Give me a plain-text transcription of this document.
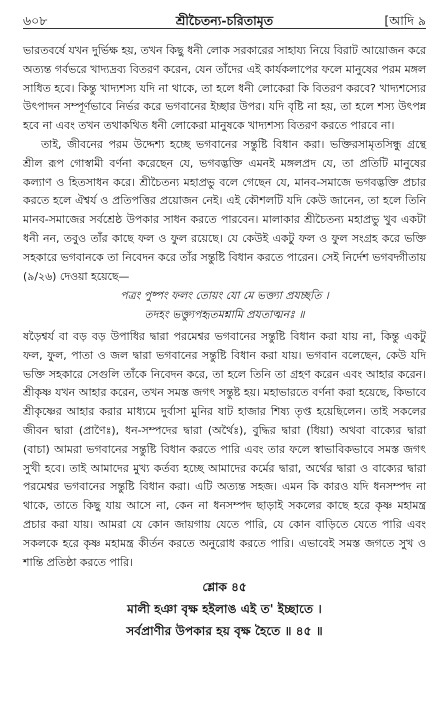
৬০৮	শ্রীচৈতন্য-চরিতামৃত	[আদি ৯

ভারতবর্ষে যখন দুর্ভিক্ষ হয়, তখন কিছু ধনী লোক সরকারের সাহায্য নিয়ে বিরাট আয়োজন করে অত্যন্ত গর্বভরে খাদ্যদ্রব্য বিতরণ করেন, যেন তাঁদের এই কার্যকলাপের ফলে মানুষের পরম মঙ্গল সাধিত হবে। কিন্তু খাদ্যশস্য যদি না থাকে, তা হলে ধনী লোকেরা কি বিতরণ করবে? খাদ্যশস্যের উৎপাদন সম্পূর্ণভাবে নির্ভর করে ভগবানের ইচ্ছার উপর। যদি বৃষ্টি না হয়, তা হলে শস্য উৎপন্ন হবে না এবং তখন তথাকথিত ধনী লোকেরা মানুষকে খাদ্যশস্য বিতরণ করতে পারবে না।

তাই, জীবনের পরম উদ্দেশ্য হচ্ছে ভগবানের সন্তুষ্টি বিধান করা। ভক্তিরসামৃতসিন্ধু গ্রন্থে শ্রীল রূপ গোস্বামী বর্ণনা করেছেন যে, ভগবদ্ভক্তি এমনই মঙ্গলপ্রদ যে, তা প্রতিটি মানুষের কল্যাণ ও হিতসাধন করে। শ্রীচৈতন্য মহাপ্রভু বলে গেছেন যে, মানব-সমাজে ভগবদ্ভক্তি প্রচার করতে হলে ঐশ্বর্য ও প্রতিপত্তির প্রয়োজন নেই। এই কৌশলটি যদি কেউ জানেন, তা হলে তিনি মানব-সমাজের সর্বশ্রেষ্ঠ উপকার সাধন করতে পারবেন। মালাকার শ্রীচৈতন্য মহাপ্রভু খুব একটা ধনী নন, তবুও তাঁর কাছে ফল ও ফুল রয়েছে। যে কেউই একটু ফল ও ফুল সংগ্রহ করে ভক্তি সহকারে ভগবানকে তা নিবেদন করে তাঁর সন্তুষ্টি বিধান করতে পারেন। সেই নির্দেশ ভগবদ্গীতায় (৯/২৬) দেওয়া হয়েছে—

পত্রং পুষ্পং ফলং তোয়ং যো মে ভক্ত্যা প্রযচ্ছতি ।
তদহং ভক্ত্যুপহৃতমশ্নামি প্রযতাত্মনঃ ॥

ষড়ৈশ্বর্য বা বড় বড় উপাধির দ্বারা পরমেশ্বর ভগবানের সন্তুষ্টি বিধান করা যায় না, কিন্তু একটু ফল, ফুল, পাতা ও জল দ্বারা ভগবানের সন্তুষ্টি বিধান করা যায়। ভগবান বলেছেন, কেউ যদি ভক্তি সহকারে সেগুলি তাঁকে নিবেদন করে, তা হলে তিনি তা গ্রহণ করেন এবং আহার করেন। শ্রীকৃষ্ণ যখন আহার করেন, তখন সমস্ত জগৎ সন্তুষ্ট হয়। মহাভারতে বর্ণনা করা হয়েছে, কিভাবে শ্রীকৃষ্ণের আহার করার মাধ্যমে দুর্বাসা মুনির ষাট হাজার শিষ্য তৃপ্ত হয়েছিলেন। তাই সকলের জীবন দ্বারা (প্রাণৈঃ), ধন-সম্পদের দ্বারা (অর্থৈঃ), বুদ্ধির দ্বারা (ধিয়া) অথবা বাক্যের দ্বারা (বাচা) আমরা ভগবানের সন্তুষ্টি বিধান করতে পারি এবং তার ফলে স্বাভাবিকভাবে সমস্ত জগৎ সুখী হবে। তাই আমাদের মুখ্য কর্তব্য হচ্ছে আমাদের কর্মের দ্বারা, অর্থের দ্বারা ও বাক্যের দ্বারা পরমেশ্বর ভগবানের সন্তুষ্টি বিধান করা। এটি অত্যন্ত সহজ। এমন কি কারও যদি ধনসম্পদ না থাকে, তাতে কিছু যায় আসে না, কেন না ধনসম্পদ ছাড়াই সকলের কাছে হরে কৃষ্ণ মহামন্ত্র প্রচার করা যায়। আমরা যে কোন জায়গায় যেতে পারি, যে কোন বাড়িতে যেতে পারি এবং সকলকে হরে কৃষ্ণ মহামন্ত্র কীর্তন করতে অনুরোধ করতে পারি। এভাবেই সমস্ত জগতে সুখ ও শান্তি প্রতিষ্ঠা করতে পারি।

শ্লোক ৪৫
মালী হঞা বৃক্ষ হইলাঙ এই ত' ইচ্ছাতে ।
সর্বপ্রাণীর উপকার হয় বৃক্ষ হৈতে ॥ ৪৫ ॥
